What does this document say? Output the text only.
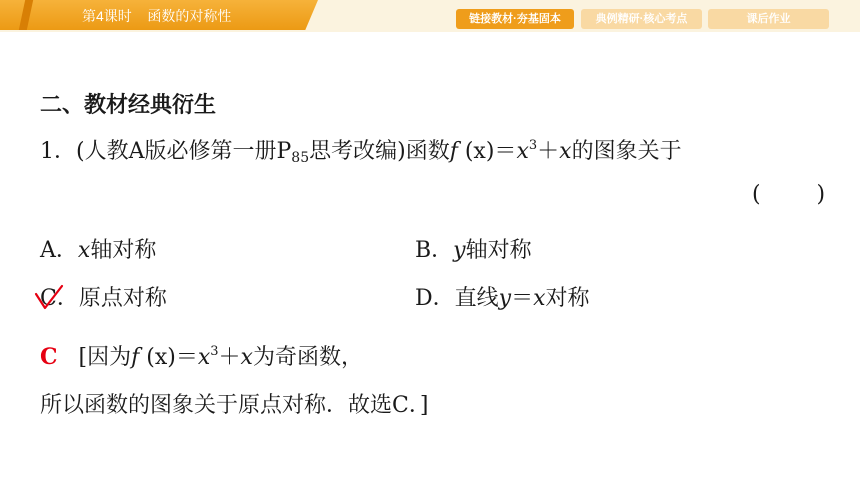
第4课时    函数的对称性	链接教材·夯基固本	典例精研·核心考点	课后作业
二、教材经典衍生
1．(人教A版必修第一册$P_{85}$思考改编)函数f $(x)=x^3+x$的图象关于
(        )
A．x轴对称	B．y轴对称
C．原点对称	D．直线y＝x对称
C   [因为f $(x)=x^3+x$为奇函数，
所以函数的图象关于原点对称．故选C．]
